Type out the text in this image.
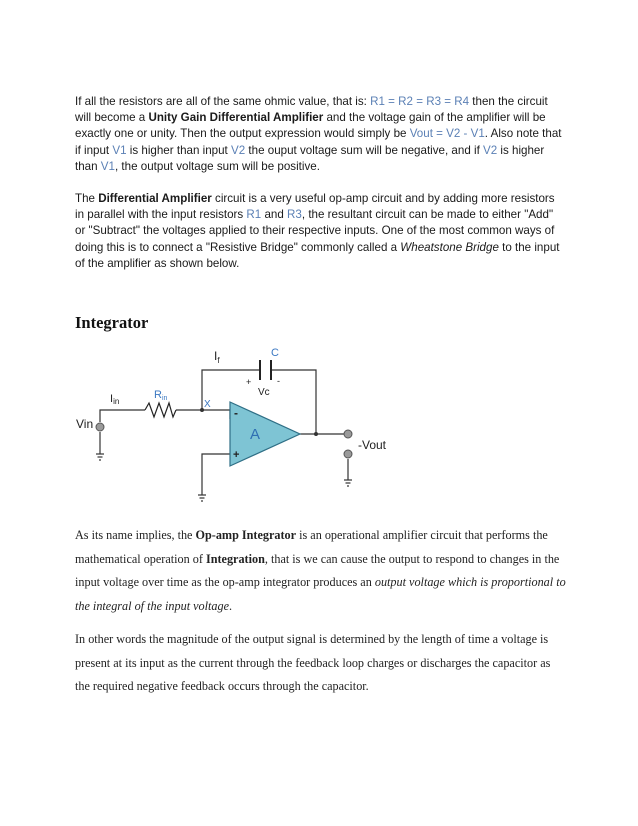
If all the resistors are all of the same ohmic value, that is: R1 = R2 = R3 = R4 then the circuit will become a Unity Gain Differential Amplifier and the voltage gain of the amplifier will be exactly one or unity. Then the output expression would simply be Vout = V2 - V1. Also note that if input V1 is higher than input V2 the ouput voltage sum will be negative, and if V2 is higher than V1, the output voltage sum will be positive.

The Differential Amplifier circuit is a very useful op-amp circuit and by adding more resistors in parallel with the input resistors R1 and R3, the resultant circuit can be made to either "Add" or "Subtract" the voltages applied to their respective inputs. One of the most common ways of doing this is to connect a "Resistive Bridge" commonly called a Wheatstone Bridge to the input of the amplifier as shown below.

Integrator
$I_f$
C
Vc
+	-
Iin
Rin
X
Vin
A
-
+
-Vout

As its name implies, the Op-amp Integrator is an operational amplifier circuit that performs the mathematical operation of Integration, that is we can cause the output to respond to changes in the input voltage over time as the op-amp integrator produces an output voltage which is proportional to the integral of the input voltage.

In other words the magnitude of the output signal is determined by the length of time a voltage is present at its input as the current through the feedback loop charges or discharges the capacitor as the required negative feedback occurs through the capacitor.
